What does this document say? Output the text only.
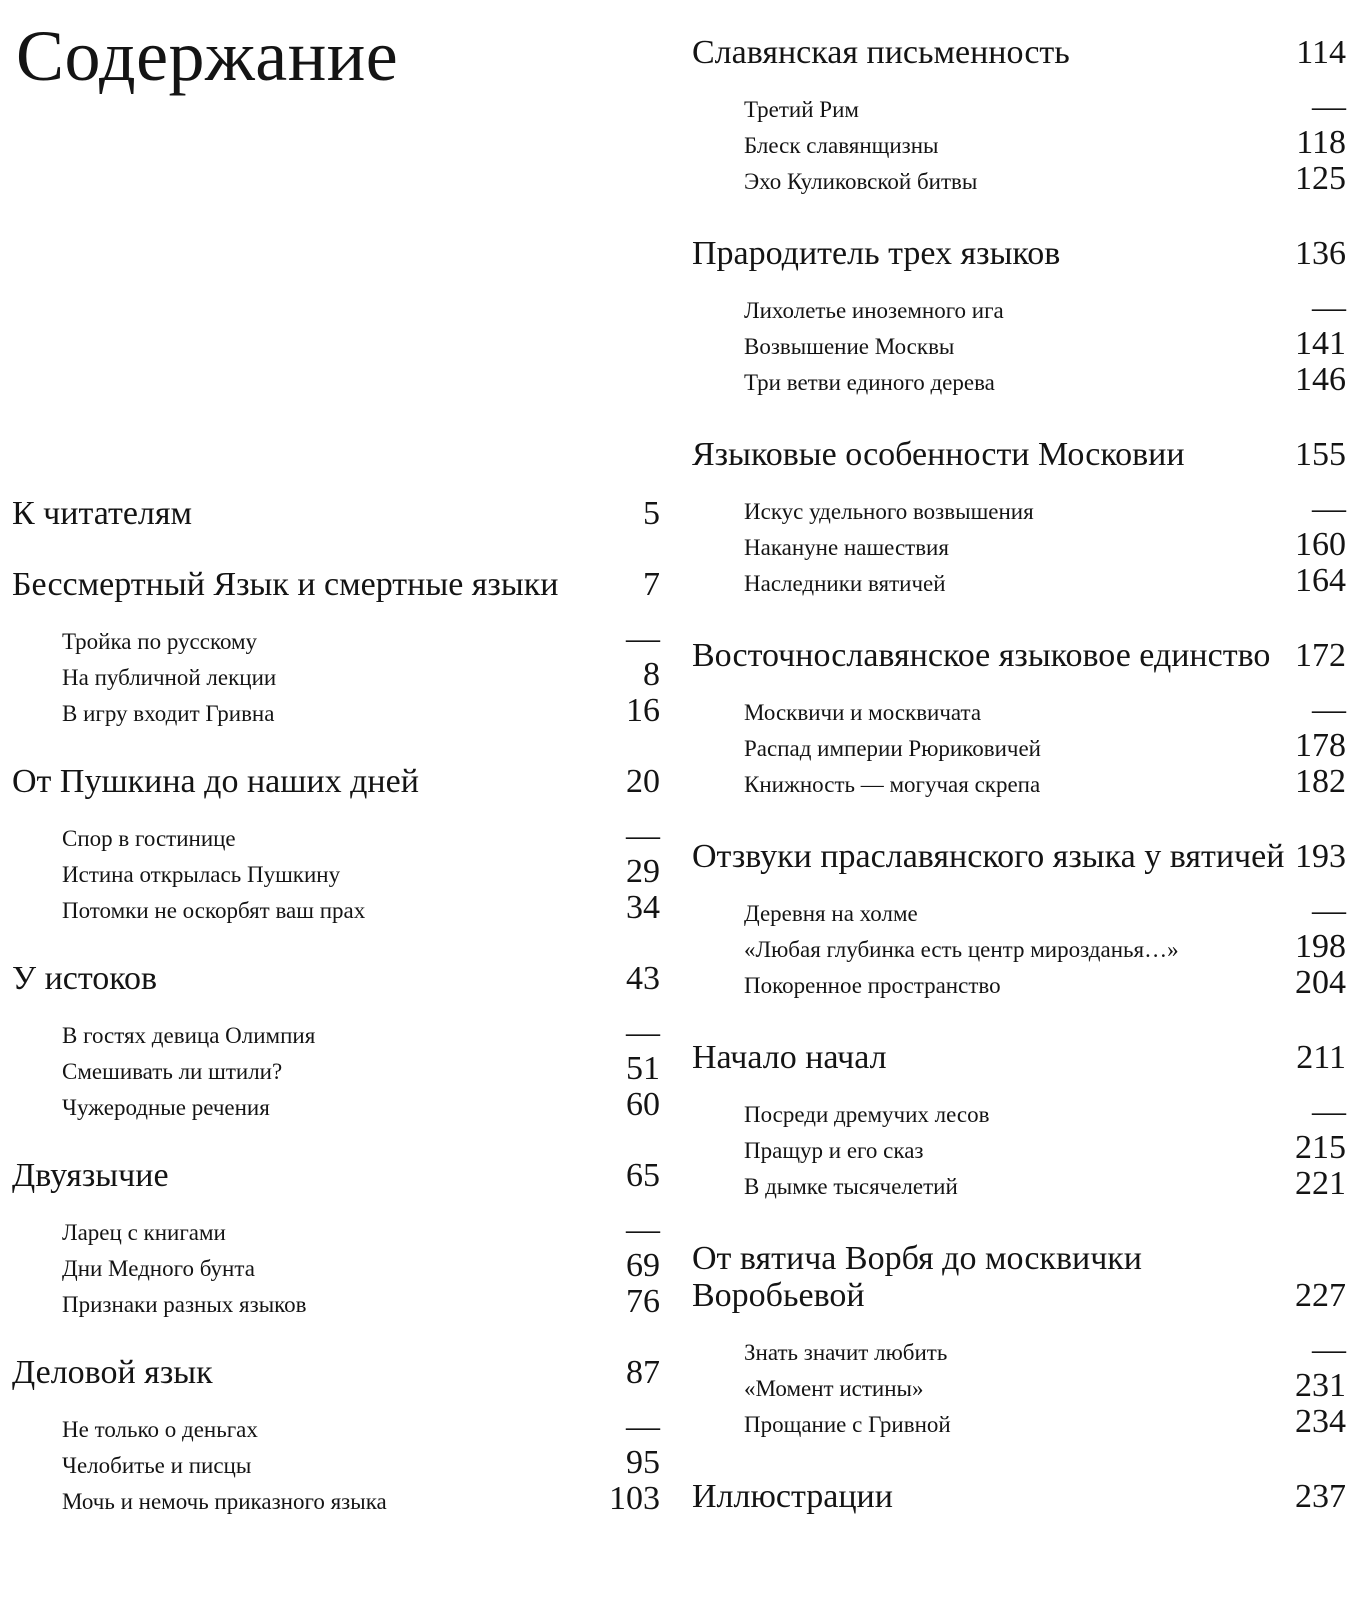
Содержание
К читателям	5
Бессмертный Язык и смертные языки	7
Тройка по русскому	—
На публичной лекции	8
В игру входит Гривна	16
От Пушкина до наших дней	20
Спор в гостинице	—
Истина открылась Пушкину	29
Потомки не оскорбят ваш прах	34
У истоков	43
В гостях девица Олимпия	—
Смешивать ли штили?	51
Чужеродные речения	60
Двуязычие	65
Ларец с книгами	—
Дни Медного бунта	69
Признаки разных языков	76
Деловой язык	87
Не только о деньгах	—
Челобитье и писцы	95
Мочь и немочь приказного языка	103
Славянская письменность	114
Третий Рим	—
Блеск славянщизны	118
Эхо Куликовской битвы	125
Прародитель трех языков	136
Лихолетье иноземного ига	—
Возвышение Москвы	141
Три ветви единого дерева	146
Языковые особенности Московии	155
Искус удельного возвышения	—
Накануне нашествия	160
Наследники вятичей	164
Восточнославянское языковое единство 172
Москвичи и москвичата	—
Распад империи Рюриковичей	178
Книжность — могучая скрепа	182
Отзвуки праславянского языка у вятичей 193
Деревня на холме	—
«Любая глубинка есть центр мирозданья…»	198
Покоренное пространство	204
Начало начал	211
Посреди дремучих лесов	—
Пращур и его сказ	215
В дымке тысячелетий	221
От вятича Ворбя до москвички Воробьевой	227
Знать значит любить	—
«Момент истины»	231
Прощание с Гривной	234
Иллюстрации	237
